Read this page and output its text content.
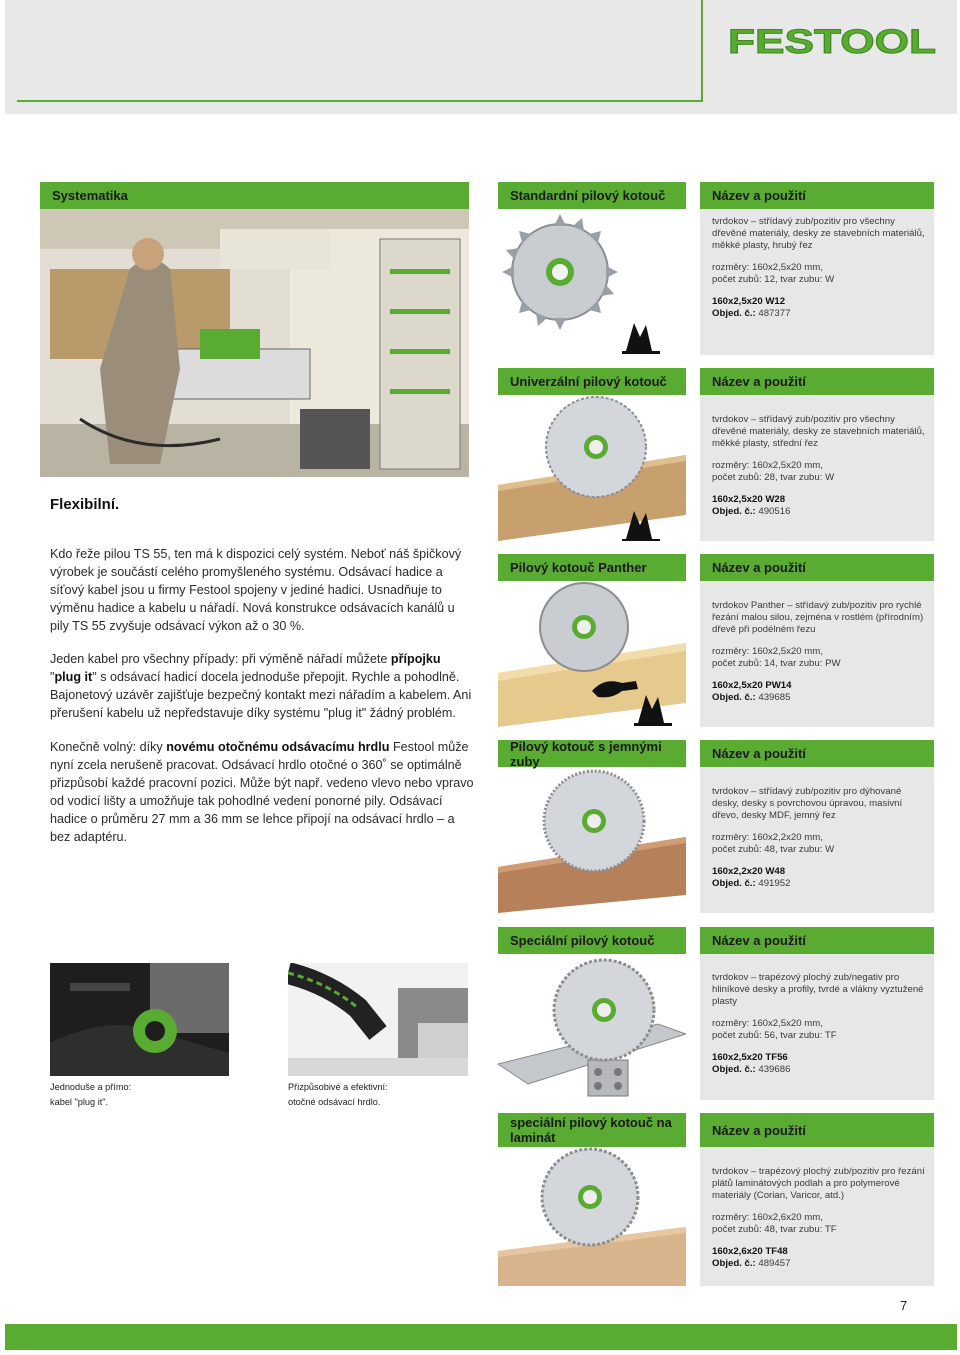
FESTOOL
Systematika
Flexibilní.
Kdo řeže pilou TS 55, ten má k dispozici celý systém. Neboť náš špičkový výrobek je součástí celého promyšleného systému. Odsávací hadice a síťový kabel jsou u firmy Festool spojeny v jediné hadici. Usnadňuje to výměnu hadice a kabelu u nářadí. Nová konstrukce odsávacích kanálů u pily TS 55 zvyšuje odsávací výkon až o 30 %.
Jeden kabel pro všechny případy: při výměně nářadí můžete přípojku "plug it" s odsávací hadicí docela jednoduše přepojit. Rychle a pohodlně. Bajonetový uzávěr zajišťuje bezpečný kontakt mezi nářadím a kabelem. Ani přerušení kabelu už nepředstavuje díky systému "plug it" žádný problém.
Konečně volný: díky novému otočnému odsávacímu hrdlu Festool může nyní zcela nerušeně pracovat. Odsávací hrdlo otočné o 360˚ se optimálně přizpůsobí každé pracovní pozici. Může být např. vedeno vlevo nebo vpravo od vodicí lišty a umožňuje tak pohodlné vedení ponorné pily. Odsávací hadice o průměru 27 mm a 36 mm se lehce připojí na odsávací hrdlo – a bez adaptéru.
Jednoduše a přímo:
kabel "plug it".
Přizpůsobivé a efektivní:
otočné odsávací hrdlo.
Standardní pilový kotouč	Název a použití

tvrdokov – střídavý zub/pozitiv pro všechny dřevěné materiály, desky ze stavebních materiálů, měkké plasty, hrubý řez

rozměry: 160x2,5x20 mm,
počet zubů: 12, tvar zubu: W

160x2,5x20 W12
Objed. č.: 487377
Univerzální pilový kotouč	Název a použití

tvrdokov – střídavý zub/pozitiv pro všechny dřevěné materiály, desky ze stavebních materiálů, měkké plasty, střední řez

rozměry: 160x2,5x20 mm,
počet zubů: 28, tvar zubu: W

160x2,5x20 W28
Objed. č.: 490516
Pilový kotouč Panther	Název a použití

tvrdokov Panther – střídavý zub/pozitiv pro rychlé řezání malou silou, zejména v rostlém (přírodním) dřevě při podélném řezu

rozměry: 160x2,5x20 mm,
počet zubů: 14, tvar zubu: PW

160x2,5x20 PW14
Objed. č.: 439685
Pilový kotouč s jemnými zuby	Název a použití

tvrdokov – střídavý zub/pozitiv pro dýhované desky, desky s povrchovou úpravou, masivní dřevo, desky MDF, jemný řez

rozměry: 160x2,2x20 mm,
počet zubů: 48, tvar zubu: W

160x2,2x20 W48
Objed. č.: 491952
Speciální pilový kotouč	Název a použití

tvrdokov – trapézový plochý zub/negativ pro hliníkové desky a profily, tvrdé a vlákny vyztužené plasty

rozměry: 160x2,5x20 mm,
počet zubů: 56, tvar zubu: TF

160x2,5x20 TF56
Objed. č.: 439686
speciální pilový kotouč na laminát	Název a použití

tvrdokov – trapézový plochý zub/pozitiv pro řezání plátů laminátových podlah a pro polymerové materiály (Corian, Varicor, atd.)

rozměry: 160x2,6x20 mm,
počet zubů: 48, tvar zubu: TF

160x2,6x20 TF48
Objed. č.: 489457
7
